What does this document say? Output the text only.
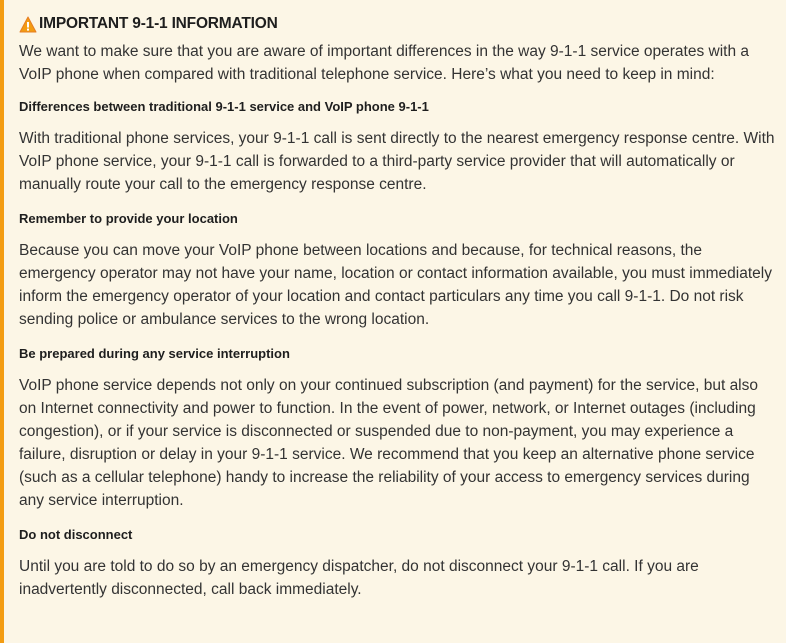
IMPORTANT 9-1-1 INFORMATION

We want to make sure that you are aware of important differences in the way 9-1-1 service operates with a VoIP phone when compared with traditional telephone service. Here’s what you need to keep in mind:

Differences between traditional 9-1-1 service and VoIP phone 9-1-1

With traditional phone services, your 9-1-1 call is sent directly to the nearest emergency response centre. With VoIP phone service, your 9-1-1 call is forwarded to a third-party service provider that will automatically or manually route your call to the emergency response centre.

Remember to provide your location

Because you can move your VoIP phone between locations and because, for technical reasons, the emergency operator may not have your name, location or contact information available, you must immediately inform the emergency operator of your location and contact particulars any time you call 9-1-1. Do not risk sending police or ambulance services to the wrong location.

Be prepared during any service interruption

VoIP phone service depends not only on your continued subscription (and payment) for the service, but also on Internet connectivity and power to function. In the event of power, network, or Internet outages (including congestion), or if your service is disconnected or suspended due to non-payment, you may experience a failure, disruption or delay in your 9-1-1 service. We recommend that you keep an alternative phone service (such as a cellular telephone) handy to increase the reliability of your access to emergency services during any service interruption.

Do not disconnect

Until you are told to do so by an emergency dispatcher, do not disconnect your 9-1-1 call. If you are inadvertently disconnected, call back immediately.
